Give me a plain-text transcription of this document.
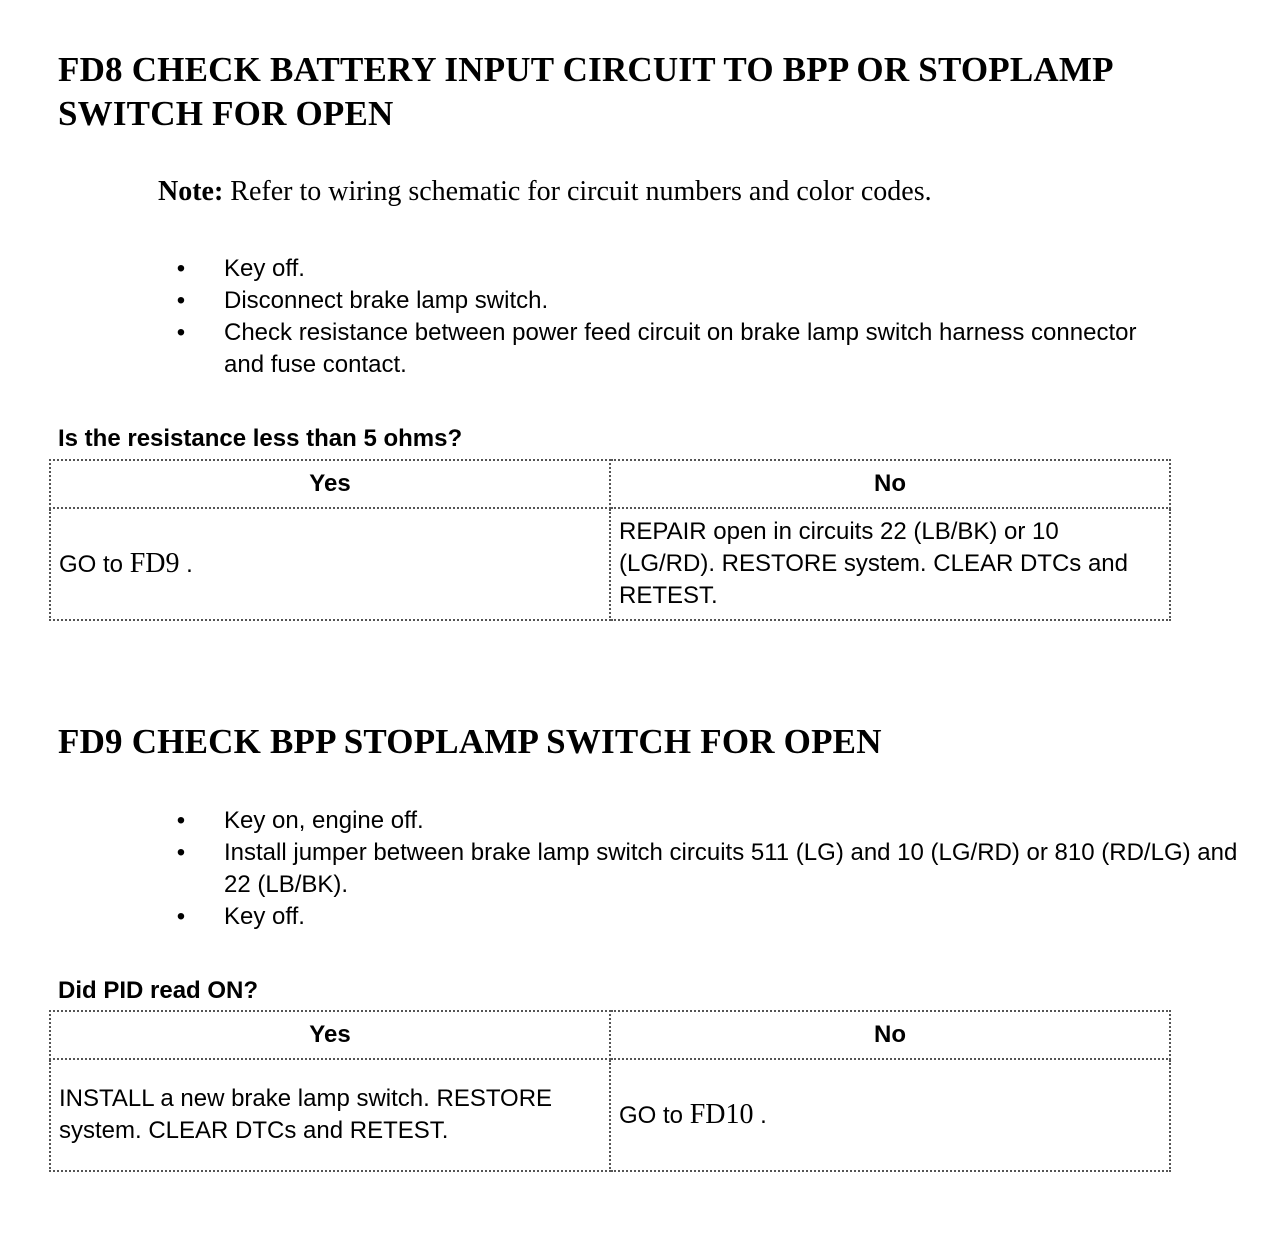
FD8 CHECK BATTERY INPUT CIRCUIT TO BPP OR STOPLAMP SWITCH FOR OPEN

Note: Refer to wiring schematic for circuit numbers and color codes.

• Key off.
• Disconnect brake lamp switch.
• Check resistance between power feed circuit on brake lamp switch harness connector and fuse contact.

Is the resistance less than 5 ohms?

Yes	No
GO to FD9 .	REPAIR open in circuits 22 (LB/BK) or 10 (LG/RD). RESTORE system. CLEAR DTCs and RETEST.
FD9 CHECK BPP STOPLAMP SWITCH FOR OPEN
• Key on, engine off.
• Install jumper between brake lamp switch circuits 511 (LG) and 10 (LG/RD) or 810 (RD/LG) and 22 (LB/BK).
• Key off.

Did PID read ON?

Yes	No
INSTALL a new brake lamp switch. RESTORE system. CLEAR DTCs and RETEST.	GO to FD10 .
